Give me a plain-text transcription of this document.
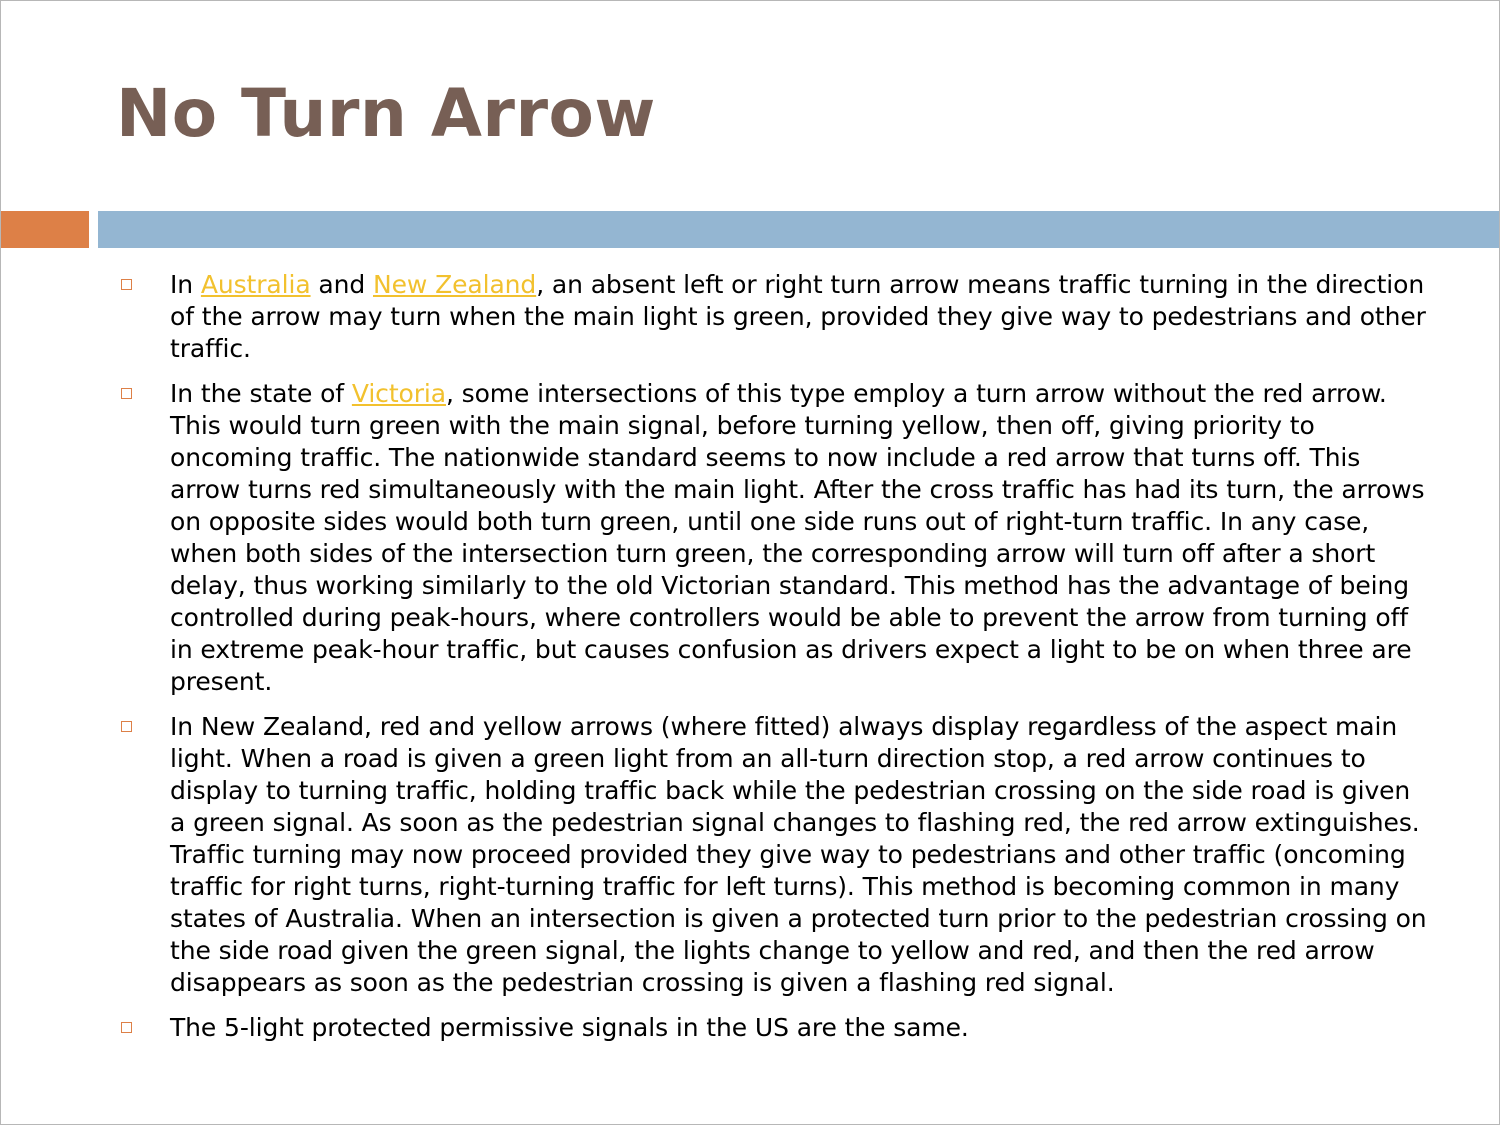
No Turn Arrow
In Australia and New Zealand, an absent left or right turn arrow means traffic turning in the direction of the arrow may turn when the main light is green, provided they give way to pedestrians and other traffic.
In the state of Victoria, some intersections of this type employ a turn arrow without the red arrow. This would turn green with the main signal, before turning yellow, then off, giving priority to oncoming traffic. The nationwide standard seems to now include a red arrow that turns off. This arrow turns red simultaneously with the main light. After the cross traffic has had its turn, the arrows on opposite sides would both turn green, until one side runs out of right-turn traffic. In any case, when both sides of the intersection turn green, the corresponding arrow will turn off after a short delay, thus working similarly to the old Victorian standard. This method has the advantage of being controlled during peak-hours, where controllers would be able to prevent the arrow from turning off in extreme peak-hour traffic, but causes confusion as drivers expect a light to be on when three are present.
In New Zealand, red and yellow arrows (where fitted) always display regardless of the aspect main light. When a road is given a green light from an all-turn direction stop, a red arrow continues to display to turning traffic, holding traffic back while the pedestrian crossing on the side road is given a green signal. As soon as the pedestrian signal changes to flashing red, the red arrow extinguishes. Traffic turning may now proceed provided they give way to pedestrians and other traffic (oncoming traffic for right turns, right-turning traffic for left turns). This method is becoming common in many states of Australia. When an intersection is given a protected turn prior to the pedestrian crossing on the side road given the green signal, the lights change to yellow and red, and then the red arrow disappears as soon as the pedestrian crossing is given a flashing red signal.
The 5-light protected permissive signals in the US are the same.
